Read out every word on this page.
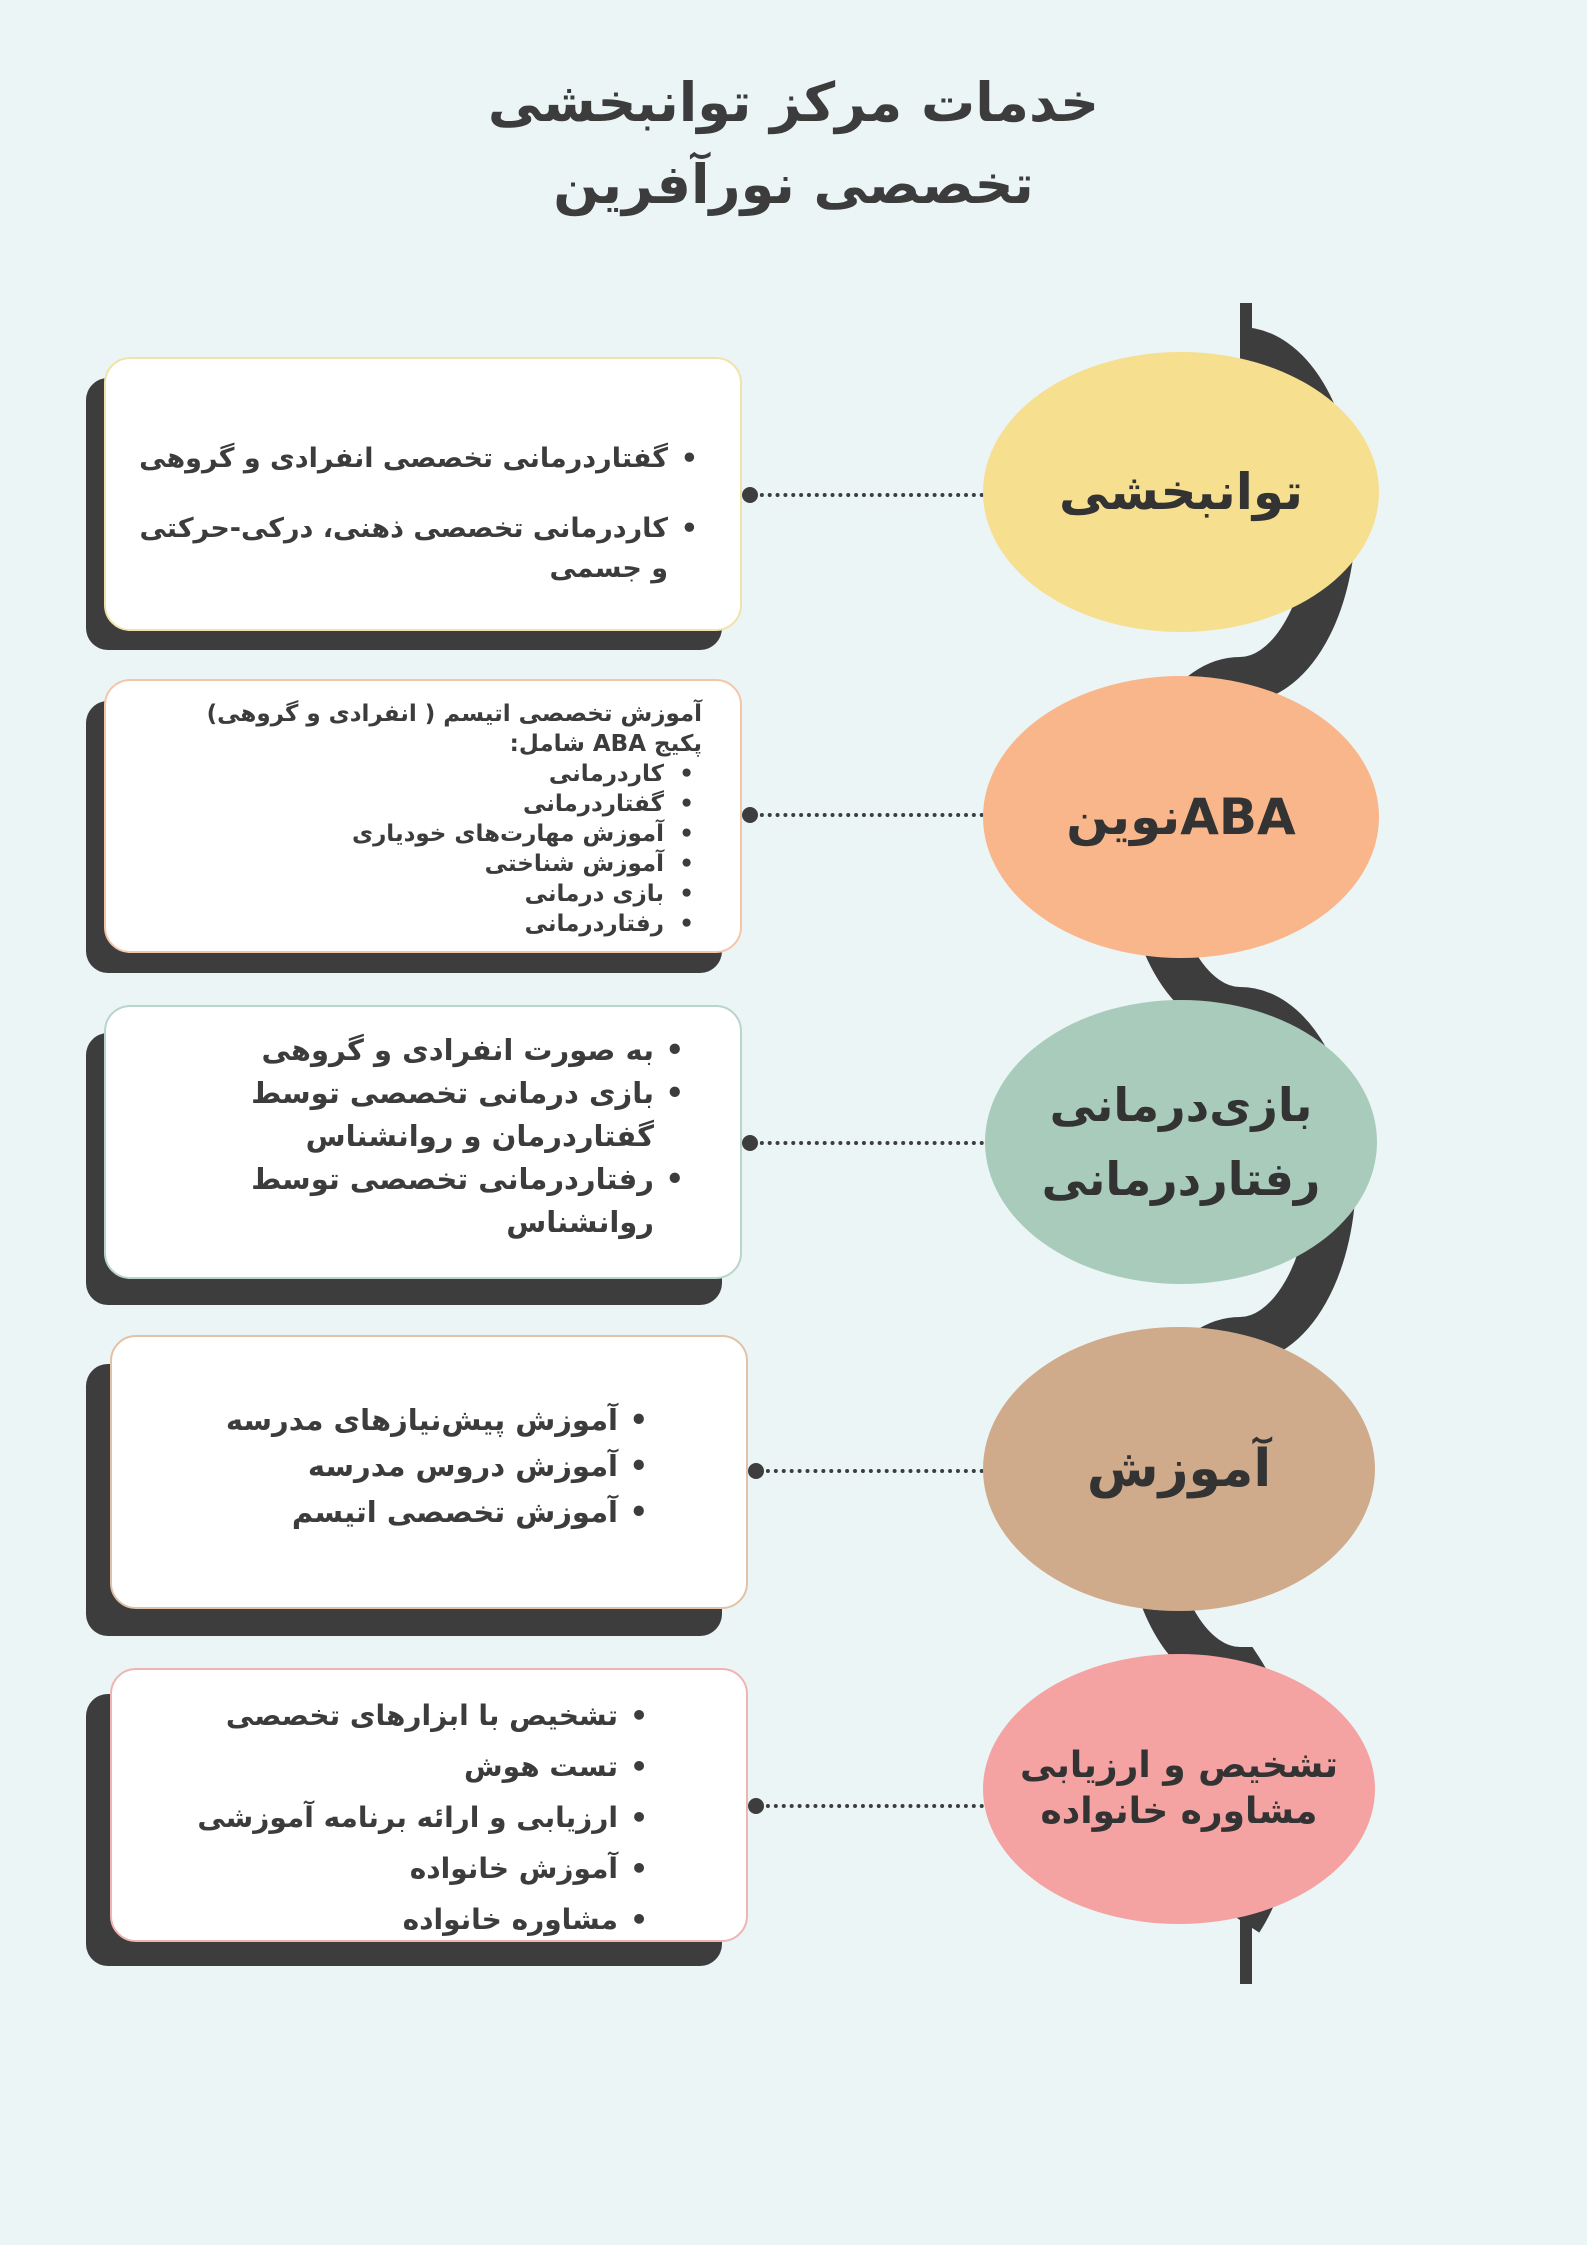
خدمات مرکز توانبخشی
تخصصی نورآفرین
• گفتاردرمانی تخصصی انفرادی و گروهی
• کاردرمانی تخصصی ذهنی، درکی-حرکتی و جسمی
توانبخشی
آموزش تخصصی اتیسم ( انفرادی و گروهی)
پکیج ABA شامل:
• کاردرمانی
• گفتاردرمانی
• آموزش مهارت‌های خودیاری
• آموزش شناختی
• بازی درمانی
• رفتاردرمانی
ABAنوین
• به صورت انفرادی و گروهی
• بازی درمانی تخصصی توسط گفتاردرمان و روانشناس
• رفتاردرمانی تخصصی توسط روانشناس
بازی‌درمانی
رفتاردرمانی
• آموزش پیش‌نیازهای مدرسه
• آموزش دروس مدرسه
• آموزش تخصصی اتیسم
آموزش
• تشخیص با ابزارهای تخصصی
• تست هوش
• ارزیابی و ارائه برنامه آموزشی
• آموزش خانواده
• مشاوره خانواده
تشخیص و ارزیابی
مشاوره خانواده
